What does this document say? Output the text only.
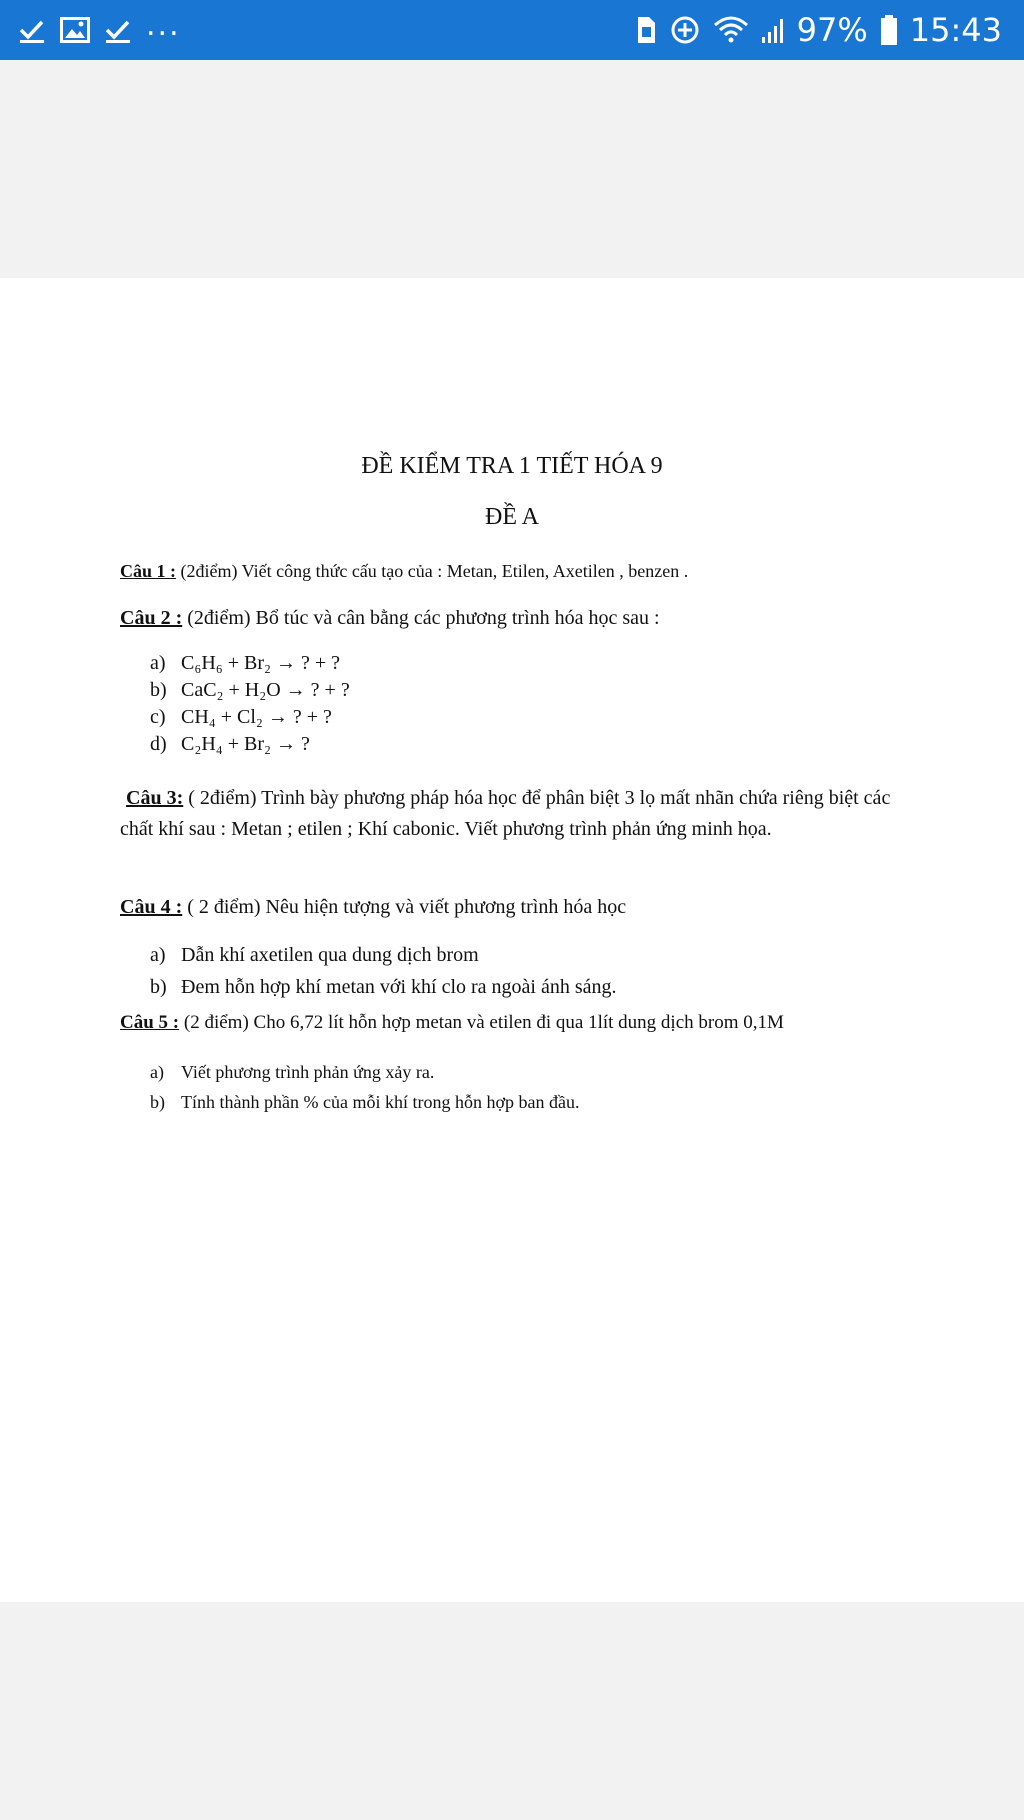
...	97% 15:43
ĐỀ KIỂM TRA 1 TIẾT HÓA 9
ĐỀ A
Câu 1 : (2điểm) Viết công thức cấu tạo của : Metan, Etilen, Axetilen , benzen .
Câu 2 : (2điểm) Bổ túc và cân bằng các phương trình hóa học sau :
a) C₆H₆ + Br₂ → ? + ?
b) CaC₂ + H₂O → ? + ?
c) CH₄ + Cl₂ → ? + ?
d) C₂H₄ + Br₂ → ?
Câu 3: ( 2điểm) Trình bày phương pháp hóa học để phân biệt 3 lọ mất nhãn chứa riêng biệt các chất khí sau : Metan ; etilen ; Khí cabonic. Viết phương trình phản ứng minh họa.
Câu 4 : ( 2 điểm) Nêu hiện tượng và viết phương trình hóa học
a) Dẫn khí axetilen qua dung dịch brom
b) Đem hỗn hợp khí metan với khí clo ra ngoài ánh sáng.
Câu 5 : (2 điểm) Cho 6,72 lít hỗn hợp metan và etilen đi qua 1lít dung dịch brom 0,1M
a) Viết phương trình phản ứng xảy ra.
b) Tính thành phần % của mỗi khí trong hỗn hợp ban đầu.
